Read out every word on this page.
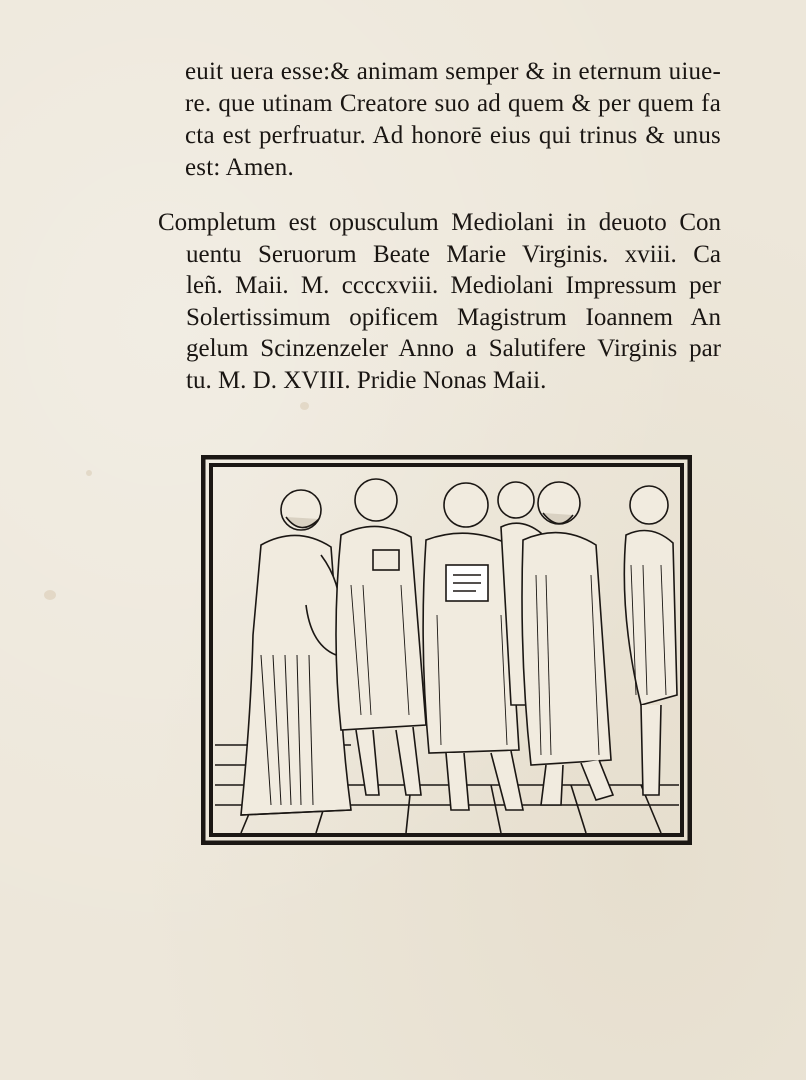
euit uera esse:& animam semper & in eternum uiue-
re. que utinam Creatore suo ad quem & per quem fa
cta est perfruatur. Ad honorē eius qui trinus & unus
est: Amen.
Completum est opusculum Mediolani in deuoto Con
uentu Seruorum Beate Marie Virginis. xviii. Ca
leñ. Maii. M. ccccxviii. Mediolani Impressum per
Solertissimum opificem Magistrum Ioannem An
gelum Scinzenzeler Anno a Salutifere Virginis par
tu. M. D. XVIII. Pridie Nonas Maii.
